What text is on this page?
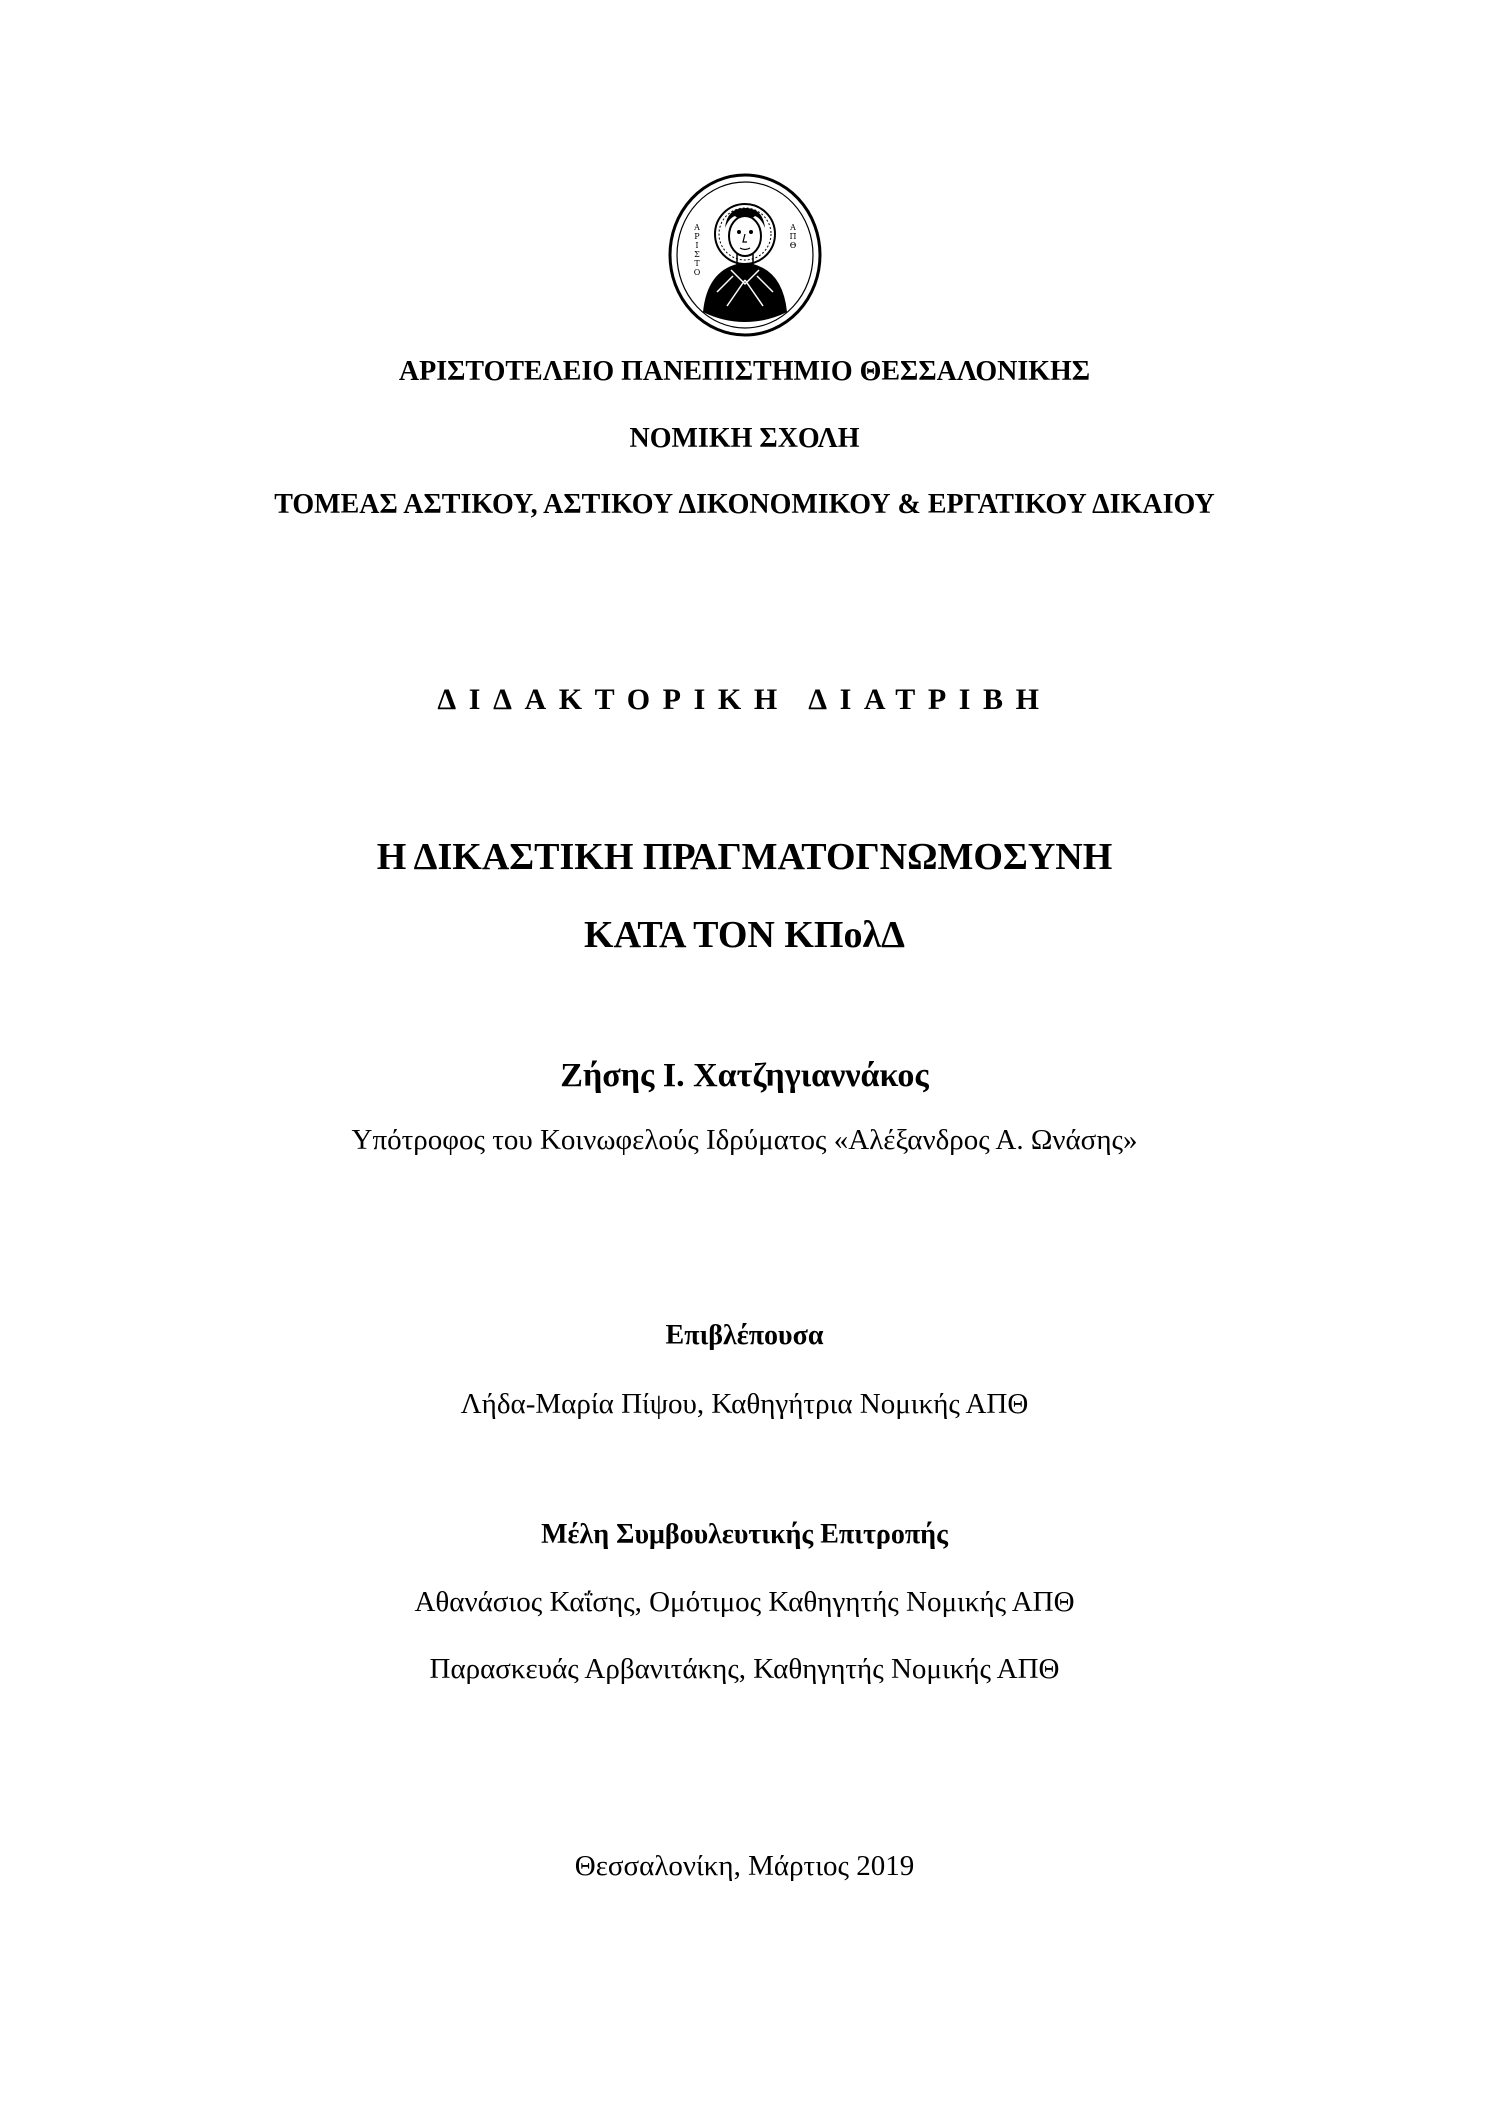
Α
Ρ
Ι
Σ
Τ
Ο
Α
Π
Θ
ΑΡΙΣΤΟΤΕΛΕΙΟ ΠΑΝΕΠΙΣΤΗΜΙΟ ΘΕΣΣΑΛΟΝΙΚΗΣ
ΝΟΜΙΚΗ ΣΧΟΛΗ
ΤΟΜΕΑΣ ΑΣΤΙΚΟΥ, ΑΣΤΙΚΟΥ ΔΙΚΟΝΟΜΙΚΟΥ & ΕΡΓΑΤΙΚΟΥ ΔΙΚΑΙΟΥ
ΔΙΔΑΚΤΟΡΙΚΗ ΔΙΑΤΡΙΒΗ
Η ΔΙΚΑΣΤΙΚΗ ΠΡΑΓΜΑΤΟΓΝΩΜΟΣΥΝΗ
ΚΑΤΑ ΤΟΝ ΚΠολΔ
Ζήσης Ι. Χατζηγιαννάκος
Υπότροφος του Κοινωφελούς Ιδρύματος «Αλέξανδρος Α. Ωνάσης»
Επιβλέπουσα
Λήδα-Μαρία Πίψου, Καθηγήτρια Νομικής ΑΠΘ
Μέλη Συμβουλευτικής Επιτροπής
Αθανάσιος Καΐσης, Ομότιμος Καθηγητής Νομικής ΑΠΘ
Παρασκευάς Αρβανιτάκης, Καθηγητής Νομικής ΑΠΘ
Θεσσαλονίκη, Μάρτιος 2019
